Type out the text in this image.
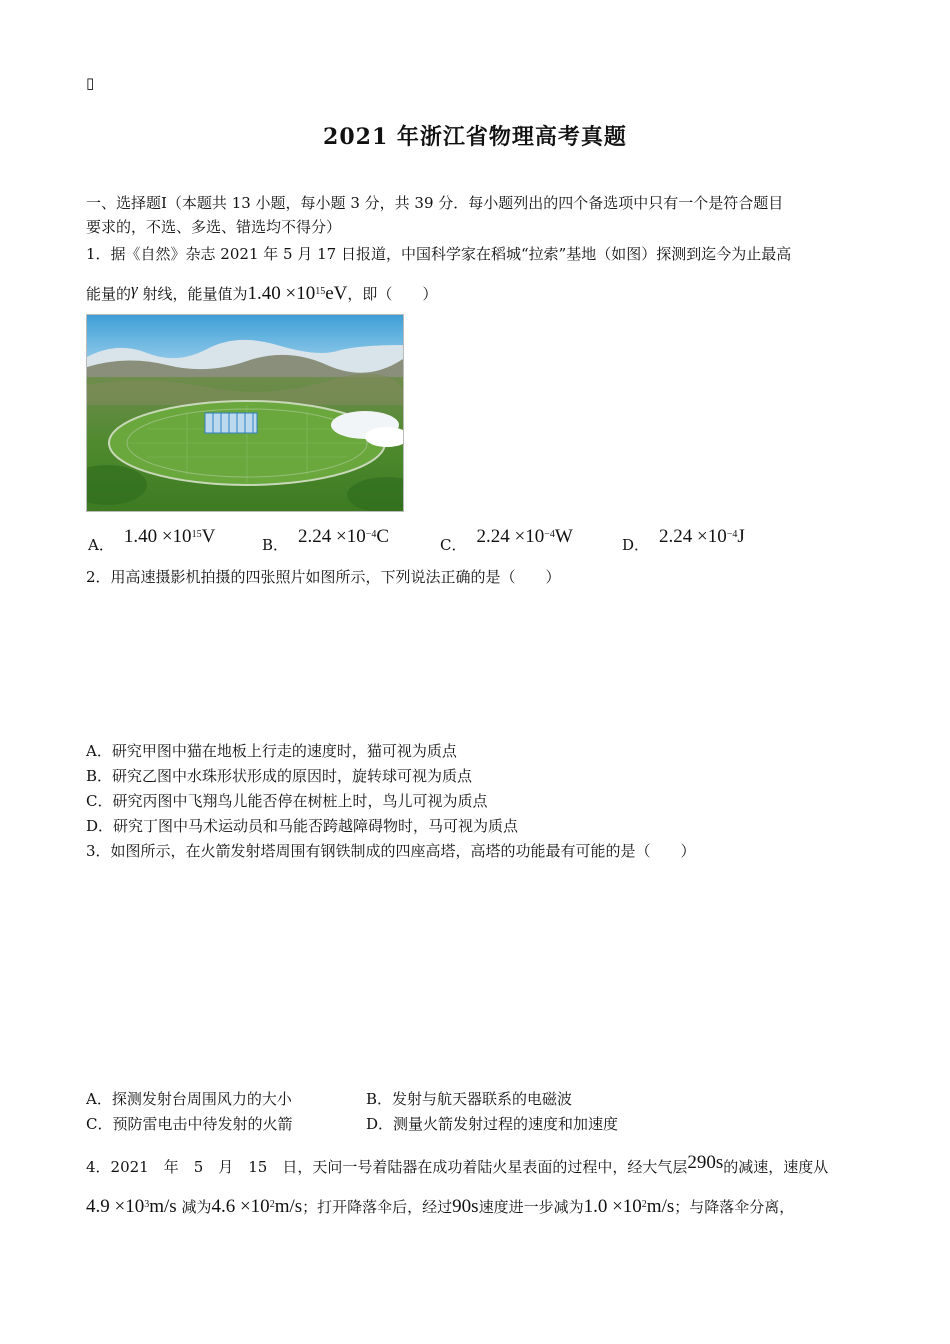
▯
2021 年浙江省物理高考真题
一、选择题Ⅰ（本题共 13 小题，每小题 3 分，共 39 分．每小题列出的四个备选项中只有一个是符合题目
要求的，不选、多选、错选均不得分）
1．据《自然》杂志 2021 年 5 月 17 日报道，中国科学家在稻城“拉索”基地（如图）探测到迄今为止最高
能量的γ 射线，能量值为$1.40 \times 10^{15}eV$，即（　　）
A． $1.40 \times 10^{15}V$	B． $2.24 \times 10^{-4}C$	C． $2.24 \times 10^{-4}W$	D． $2.24 \times 10^{-4}J$
2．用高速摄影机拍摄的四张照片如图所示，下列说法正确的是（　　）
A．研究甲图中猫在地板上行走的速度时，猫可视为质点
B．研究乙图中水珠形状形成的原因时，旋转球可视为质点
C．研究丙图中飞翔鸟儿能否停在树桩上时，鸟儿可视为质点
D．研究丁图中马术运动员和马能否跨越障碍物时，马可视为质点
3．如图所示，在火箭发射塔周围有钢铁制成的四座高塔，高塔的功能最有可能的是（　　）
A．探测发射台周围风力的大小	B．发射与航天器联系的电磁波
C．预防雷电击中待发射的火箭	D．测量火箭发射过程的速度和加速度
4．2021　年　5　月　15　日，天问一号着陆器在成功着陆火星表面的过程中，经大气层290s的减速，速度从
$4.9 \times 10^3m/s$ 减为$4.6 \times 10^2m/s$；打开降落伞后，经过90s速度进一步减为$1.0 \times 10^2m/s$；与降落伞分离，
